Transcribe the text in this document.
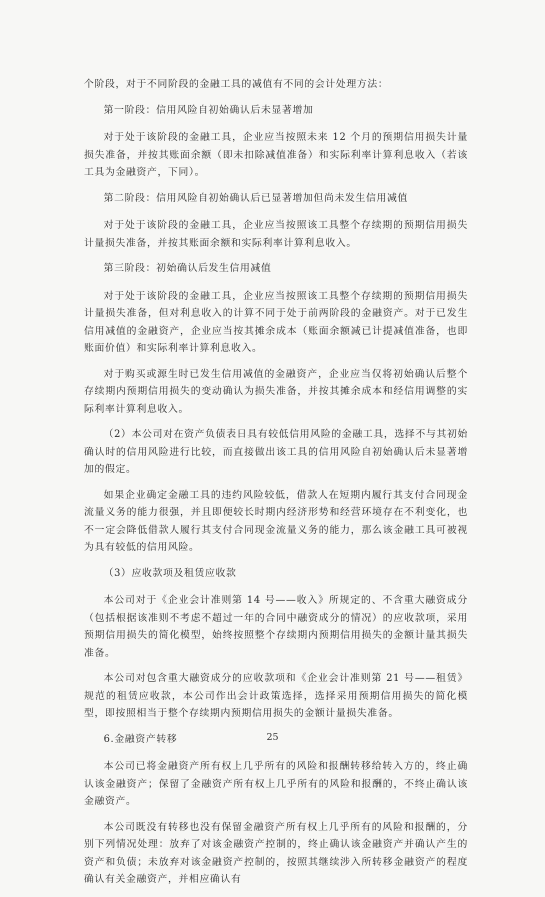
个阶段，对于不同阶段的金融工具的减值有不同的会计处理方法：

第一阶段：信用风险自初始确认后未显著增加

对于处于该阶段的金融工具，企业应当按照未来 12 个月的预期信用损失计量损失准备，并按其账面余额（即未扣除减值准备）和实际利率计算利息收入（若该工具为金融资产，下同）。

第二阶段：信用风险自初始确认后已显著增加但尚未发生信用减值

对于处于该阶段的金融工具，企业应当按照该工具整个存续期的预期信用损失计量损失准备，并按其账面余额和实际利率计算利息收入。

第三阶段：初始确认后发生信用减值

对于处于该阶段的金融工具，企业应当按照该工具整个存续期的预期信用损失计量损失准备，但对利息收入的计算不同于处于前两阶段的金融资产。对于已发生信用减值的金融资产，企业应当按其摊余成本（账面余额减已计提减值准备，也即账面价值）和实际利率计算利息收入。

对于购买或源生时已发生信用减值的金融资产，企业应当仅将初始确认后整个存续期内预期信用损失的变动确认为损失准备，并按其摊余成本和经信用调整的实际利率计算利息收入。

（2）本公司对在资产负债表日具有较低信用风险的金融工具，选择不与其初始确认时的信用风险进行比较，而直接做出该工具的信用风险自初始确认后未显著增加的假定。

如果企业确定金融工具的违约风险较低，借款人在短期内履行其支付合同现金流量义务的能力很强，并且即便较长时期内经济形势和经营环境存在不利变化，也不一定会降低借款人履行其支付合同现金流量义务的能力，那么该金融工具可被视为具有较低的信用风险。

（3）应收款项及租赁应收款

本公司对于《企业会计准则第 14 号——收入》所规定的、不含重大融资成分（包括根据该准则不考虑不超过一年的合同中融资成分的情况）的应收款项，采用预期信用损失的简化模型，始终按照整个存续期内预期信用损失的金额计量其损失准备。

本公司对包含重大融资成分的应收款项和《企业会计准则第 21 号——租赁》规范的租赁应收款，本公司作出会计政策选择，选择采用预期信用损失的简化模型，即按照相当于整个存续期内预期信用损失的金额计量损失准备。

6.金融资产转移

本公司已将金融资产所有权上几乎所有的风险和报酬转移给转入方的，终止确认该金融资产；保留了金融资产所有权上几乎所有的风险和报酬的，不终止确认该金融资产。

本公司既没有转移也没有保留金融资产所有权上几乎所有的风险和报酬的，分别下列情况处理：放弃了对该金融资产控制的，终止确认该金融资产并确认产生的资产和负债；未放弃对该金融资产控制的，按照其继续涉入所转移金融资产的程度确认有关金融资产，并相应确认有

25
